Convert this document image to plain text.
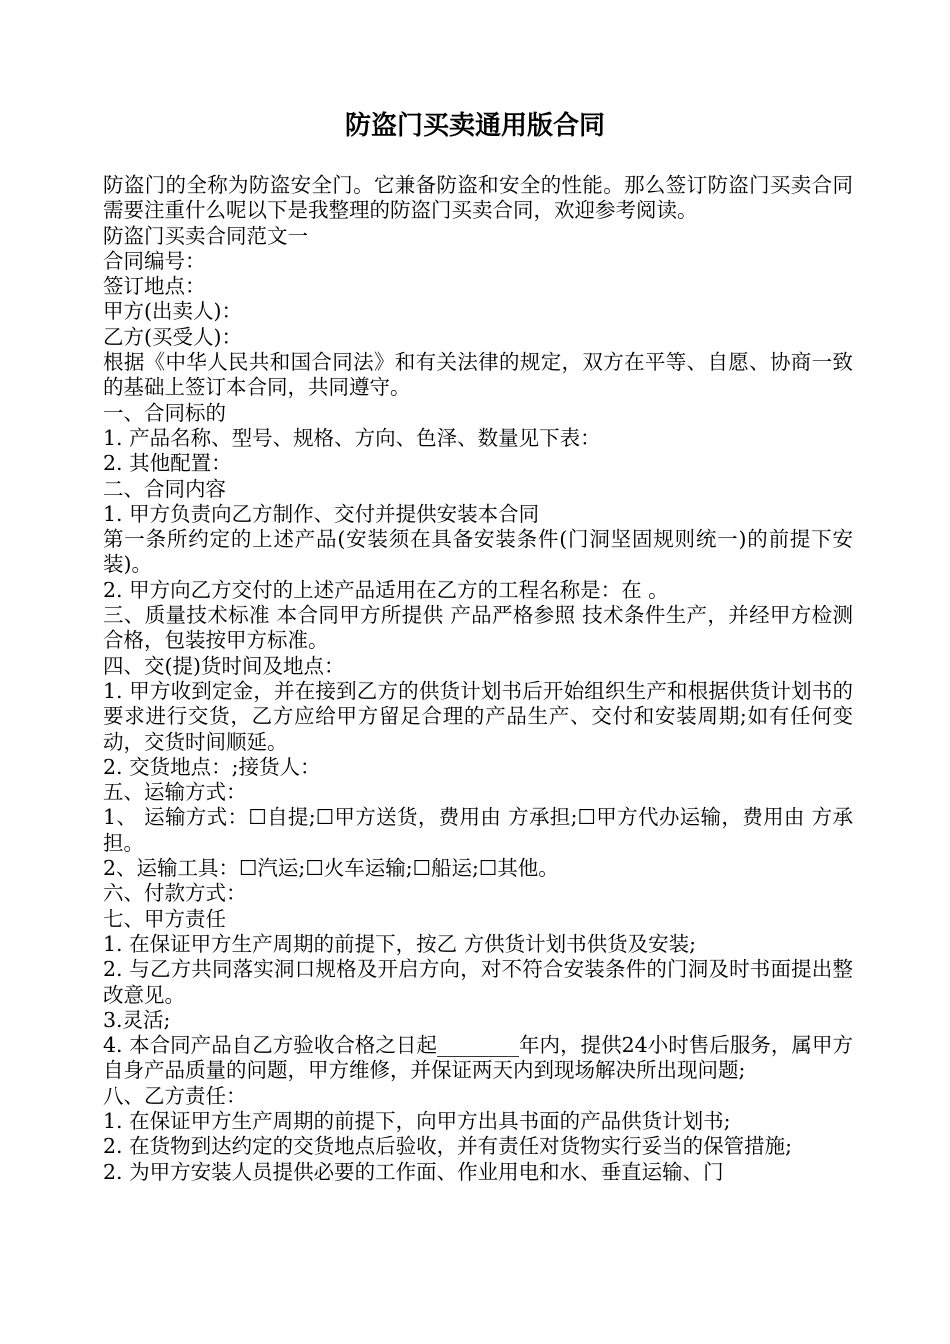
防盗门买卖通用版合同

防盗门的全称为防盗安全门。它兼备防盗和安全的性能。那么签订防盗门买卖合同需要注重什么呢以下是我整理的防盗门买卖合同，欢迎参考阅读。

防盗门买卖合同范文一

合同编号：

签订地点：

甲方(出卖人)：

乙方(买受人)：

根据《中华人民共和国合同法》和有关法律的规定，双方在平等、自愿、协商一致的基础上签订本合同，共同遵守。

一、合同标的

1. 产品名称、型号、规格、方向、色泽、数量见下表：

2. 其他配置：

二、合同内容

1. 甲方负责向乙方制作、交付并提供安装本合同

第一条所约定的上述产品(安装须在具备安装条件(门洞坚固规则统一)的前提下安装)。

2. 甲方向乙方交付的上述产品适用在乙方的工程名称是：在 。

三、质量技术标准 本合同甲方所提供 产品严格参照 技术条件生产，并经甲方检测合格，包装按甲方标准。

四、交(提)货时间及地点：

1. 甲方收到定金，并在接到乙方的供货计划书后开始组织生产和根据供货计划书的要求进行交货，乙方应给甲方留足合理的产品生产、交付和安装周期;如有任何变动，交货时间顺延。

2. 交货地点：;接货人：

五、运输方式：

1、 运输方式：☐自提;☐甲方送货，费用由 方承担;☐甲方代办运输，费用由 方承担。

2、运输工具：☐汽运;☐火车运输;☐船运;☐其他。

六、付款方式：

七、甲方责任

1. 在保证甲方生产周期的前提下，按乙 方供货计划书供货及安装;

2. 与乙方共同落实洞口规格及开启方向，对不符合安装条件的门洞及时书面提出整改意见。

3.灵活;

4. 本合同产品自乙方验收合格之日起________年内，提供24小时售后服务，属甲方自身产品质量的问题，甲方维修，并保证两天内到现场解决所出现问题;

八、乙方责任：

1. 在保证甲方生产周期的前提下，向甲方出具书面的产品供货计划书;

2. 在货物到达约定的交货地点后验收，并有责任对货物实行妥当的保管措施;

2. 为甲方安装人员提供必要的工作面、作业用电和水、垂直运输、门
